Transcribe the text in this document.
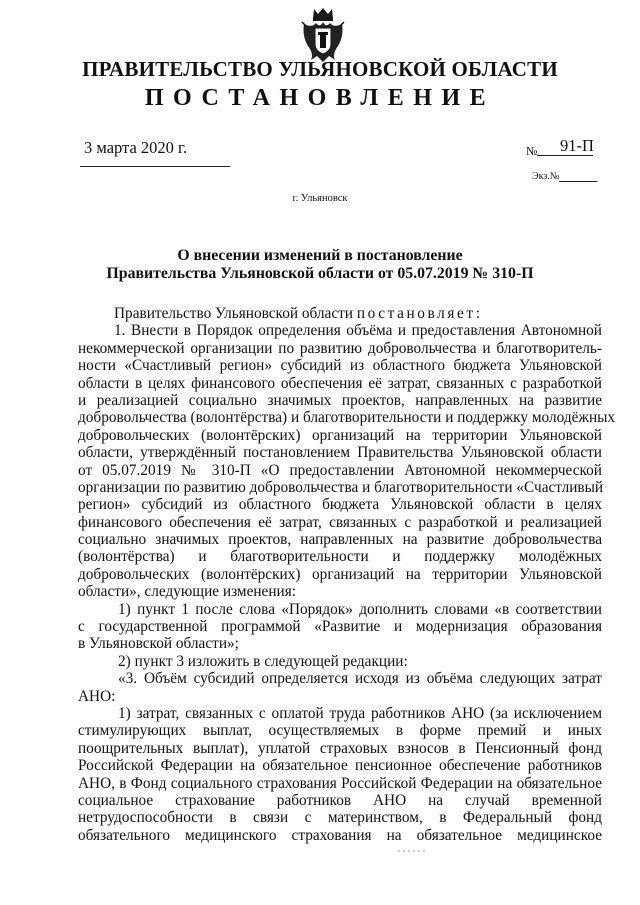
ПРАВИТЕЛЬСТВО УЛЬЯНОВСКОЙ ОБЛАСТИ
ПОСТАНОВЛЕНИЕ
3 марта 2020 г.	№ 91-П
Экз.№
г. Ульяновск
О внесении изменений в постановление
Правительства Ульяновской области от 05.07.2019 № 310-П
Правительство Ульяновской области постановляет:
1. Внести в Порядок определения объёма и предоставления Автономной
некоммерческой организации по развитию добровольчества и благотворитель-
ности «Счастливый регион» субсидий из областного бюджета Ульяновской
области в целях финансового обеспечения её затрат, связанных с разработкой
и реализацией социально значимых проектов, направленных на развитие
добровольчества (волонтёрства) и благотворительности и поддержку молодёжных
добровольческих (волонтёрских) организаций на территории Ульяновской
области, утверждённый постановлением Правительства Ульяновской области
от 05.07.2019 № 310-П «О предоставлении Автономной некоммерческой
организации по развитию добровольчества и благотворительности «Счастливый
регион» субсидий из областного бюджета Ульяновской области в целях
финансового обеспечения её затрат, связанных с разработкой и реализацией
социально значимых проектов, направленных на развитие добровольчества
(волонтёрства) и благотворительности и поддержку молодёжных
добровольческих (волонтёрских) организаций на территории Ульяновской
области», следующие изменения:
1) пункт 1 после слова «Порядок» дополнить словами «в соответствии
с государственной программой «Развитие и модернизация образования
в Ульяновской области»;
2) пункт 3 изложить в следующей редакции:
«3. Объём субсидий определяется исходя из объёма следующих затрат
АНО:
1) затрат, связанных с оплатой труда работников АНО (за исключением
стимулирующих выплат, осуществляемых в форме премий и иных
поощрительных выплат), уплатой страховых взносов в Пенсионный фонд
Российской Федерации на обязательное пенсионное обеспечение работников
АНО, в Фонд социального страхования Российской Федерации на обязательное
социальное страхование работников АНО на случай временной
нетрудоспособности в связи с материнством, в Федеральный фонд
обязательного медицинского страхования на обязательное медицинское
